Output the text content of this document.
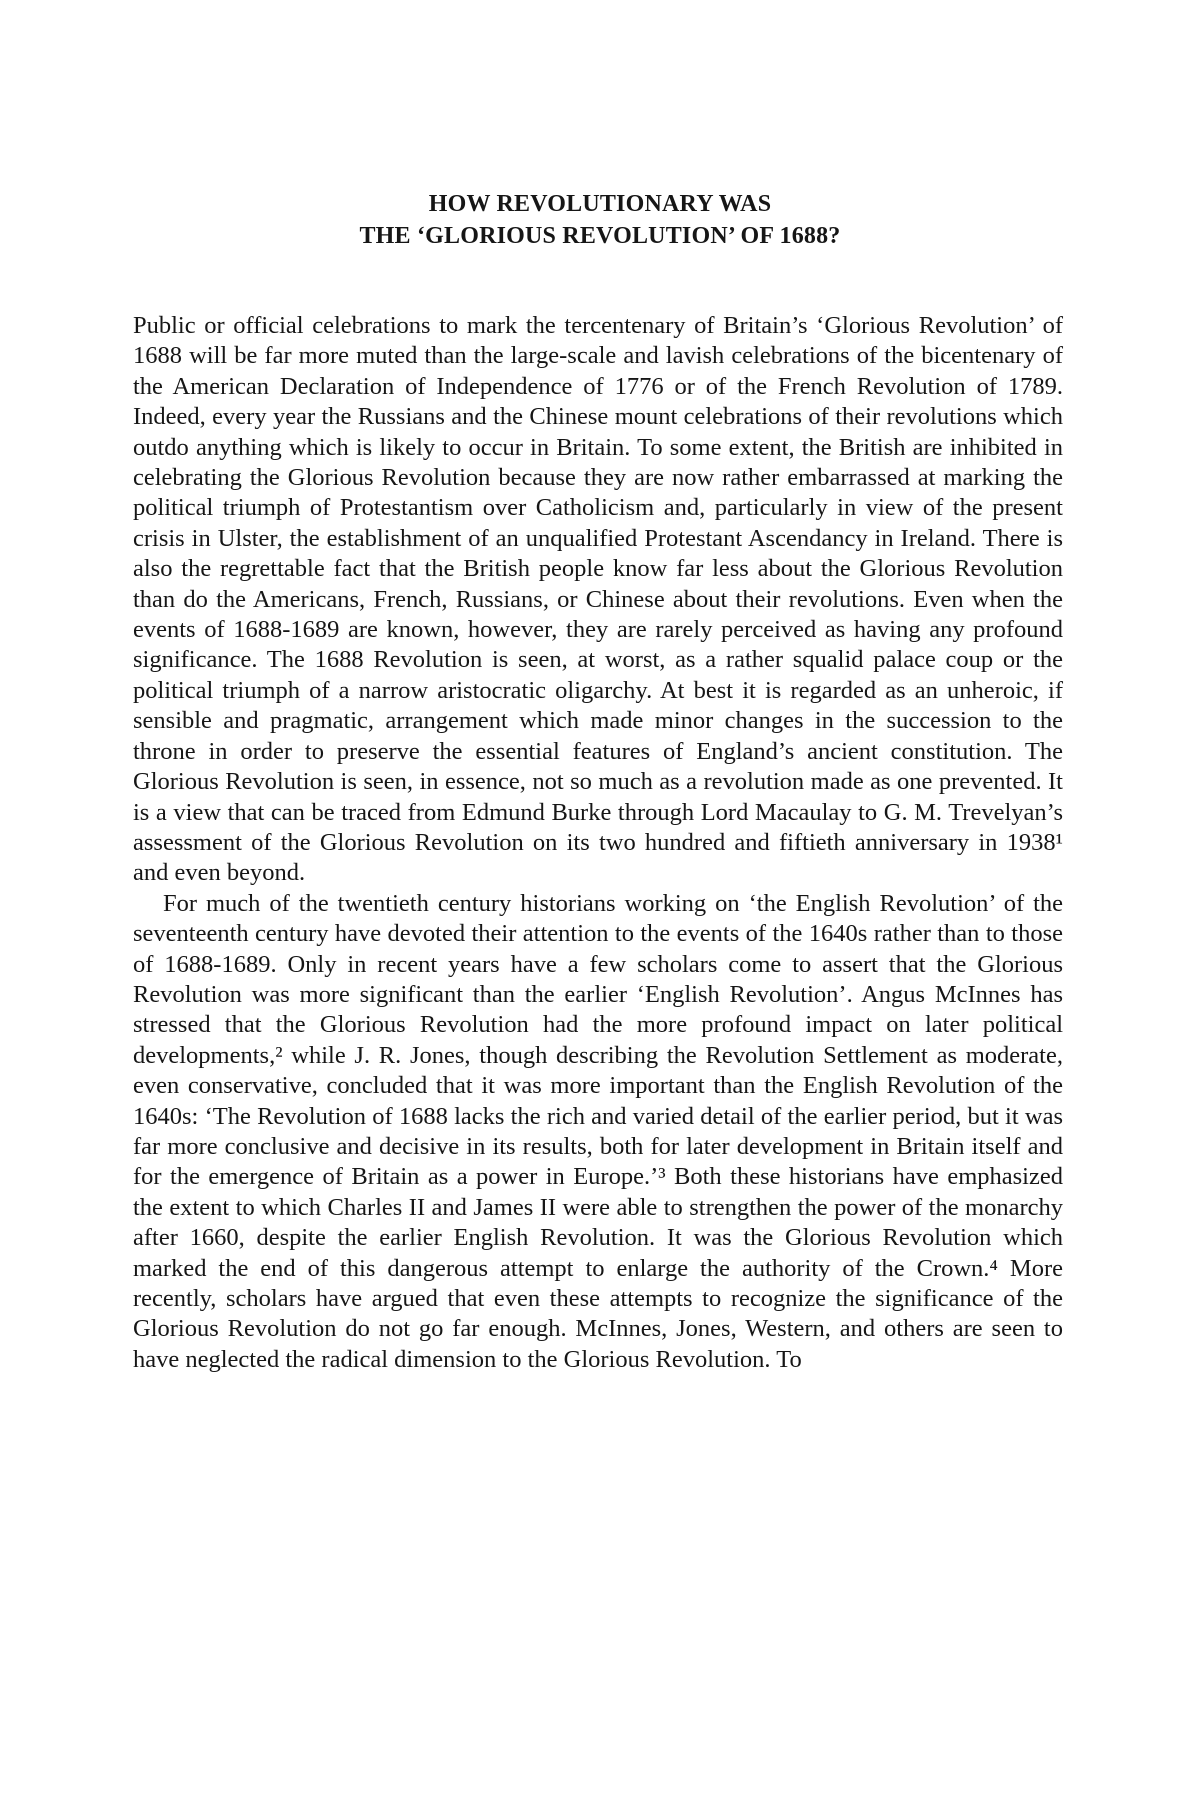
HOW REVOLUTIONARY WAS
THE ‘GLORIOUS REVOLUTION’ OF 1688?

Public or official celebrations to mark the tercentenary of Britain’s ‘Glorious Revolution’ of 1688 will be far more muted than the large-scale and lavish celebrations of the bicentenary of the American Declaration of Independence of 1776 or of the French Revolution of 1789. Indeed, every year the Russians and the Chinese mount celebrations of their revolutions which outdo anything which is likely to occur in Britain. To some extent, the British are inhibited in celebrating the Glorious Revolution because they are now rather embarrassed at marking the political triumph of Protestantism over Catholicism and, particularly in view of the present crisis in Ulster, the establishment of an unqualified Protestant Ascendancy in Ireland. There is also the regrettable fact that the British people know far less about the Glorious Revolution than do the Americans, French, Russians, or Chinese about their revolutions. Even when the events of 1688-1689 are known, however, they are rarely perceived as having any profound significance. The 1688 Revolution is seen, at worst, as a rather squalid palace coup or the political triumph of a narrow aristocratic oligarchy. At best it is regarded as an unheroic, if sensible and pragmatic, arrangement which made minor changes in the succession to the throne in order to preserve the essential features of England’s ancient constitution. The Glorious Revolution is seen, in essence, not so much as a revolution made as one prevented. It is a view that can be traced from Edmund Burke through Lord Macaulay to G. M. Trevelyan’s assessment of the Glorious Revolution on its two hundred and fiftieth anniversary in 1938¹ and even beyond.

For much of the twentieth century historians working on ‘the English Revolution’ of the seventeenth century have devoted their attention to the events of the 1640s rather than to those of 1688-1689. Only in recent years have a few scholars come to assert that the Glorious Revolution was more significant than the earlier ‘English Revolution’. Angus McInnes has stressed that the Glorious Revolution had the more profound impact on later political developments,² while J. R. Jones, though describing the Revolution Settlement as moderate, even conservative, concluded that it was more important than the English Revolution of the 1640s: ‘The Revolution of 1688 lacks the rich and varied detail of the earlier period, but it was far more conclusive and decisive in its results, both for later development in Britain itself and for the emergence of Britain as a power in Europe.’³ Both these historians have emphasized the extent to which Charles II and James II were able to strengthen the power of the monarchy after 1660, despite the earlier English Revolution. It was the Glorious Revolution which marked the end of this dangerous attempt to enlarge the authority of the Crown.⁴ More recently, scholars have argued that even these attempts to recognize the significance of the Glorious Revolution do not go far enough. McInnes, Jones, Western, and others are seen to have neglected the radical dimension to the Glorious Revolution. To
